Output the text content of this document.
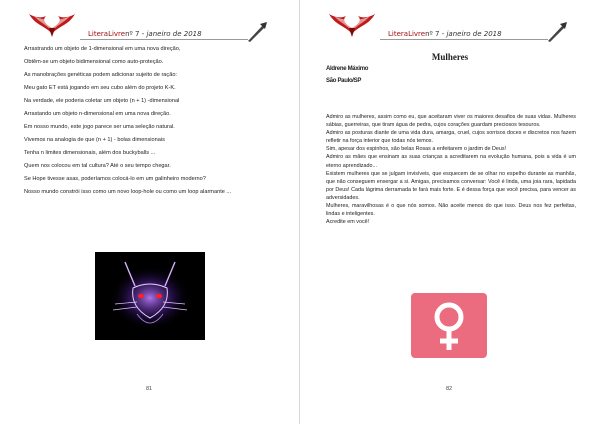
LiteraLivrenº 7 - janeiro de 2018

Arrastrando um objeto de 1-dimensional em uma nova direção,

Obtêm-se um objeto bidimensional como auto-proteção.

As manobrações genéticas podem adicionar sujeito de ração:

Meu gato ET está jogando em seu cubo além do projeto K-K.

Na verdade, ele poderia coletar um objeto (n + 1) -dimensional

Arrastando um objeto n-dimensional em uma nova direção.

Em nosso mundo, este jogo parece ser uma seleção natural.

Vivemos na analogia de que (n + 1) - bolas dimensionais

Tenha n limites dimensionais, além dos buckyballs ...

Quem nos colocou em tal cultura? Até o seu tempo chegar.

Se Hope tivesse asas, poderíamos colocá-lo em um galinheiro moderno?

Nosso mundo constrói isso como um novo loop-hole ou como um loop alarmante ...

81
LiteraLivrenº 7 - janeiro de 2018
Mulheres
Aldrene Máximo
São Paulo/SP

Admiro as mulheres, assim como eu, que aceitaram viver os maiores desafios de suas vidas. Mulheres sábias, guerreiras, que tiram água de pedra, cujos corações guardam preciosos tesouros.

Admiro as posturas diante de uma vida dura, amarga, cruel, cujos sorrisos doces e discretos nos fazem refletir na força interior que todas nós temos.

Sim, apesar dos espinhos, são belas Rosas a enfeitarem o jardim de Deus!

Admiro as mães que ensinam as suas crianças a acreditarem na evolução humana, pois a vida é um eterno aprendizado...

Existem mulheres que se julgam invisíveis, que esquecem de se olhar no espelho durante as manhãs, que não conseguem enxergar a si. Amigas, precisamos conversar: Você é linda, uma joia rara, lapidada por Deus! Cada lágrima derramada te fará mais forte. E é dessa força que você precisa, para vencer as adversidades.

Mulheres, maravilhosas é o que nós somos. Não aceite menos do que isso. Deus nos fez perfeitas, lindas e inteligentes.

Acredite em você!

82
